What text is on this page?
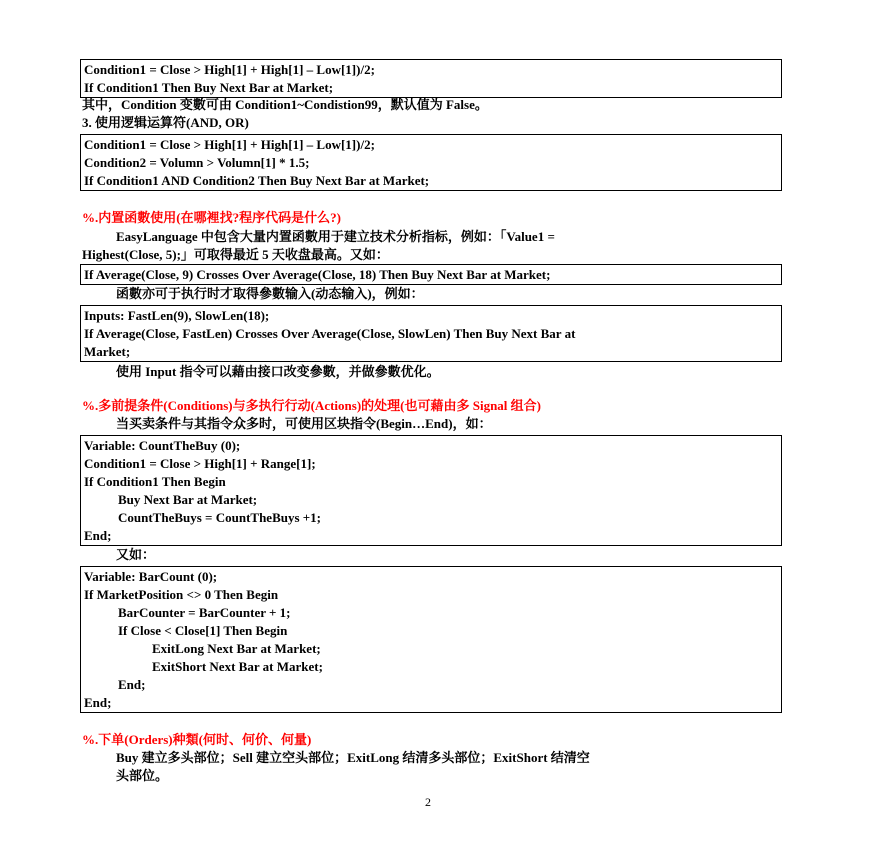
Condition1 = Close > High[1] + High[1] – Low[1])/2;
If Condition1 Then Buy Next Bar at Market;
其中，Condition 变數可由 Condition1~Condistion99，默认值为 False。
3. 使用逻辑运算符(AND, OR)
Condition1 = Close > High[1] + High[1] – Low[1])/2;
Condition2 = Volumn > Volumn[1] * 1.5;
If Condition1 AND Condition2 Then Buy Next Bar at Market;
%.内置函數使用(在哪裡找?程序代码是什么?)
EasyLanguage 中包含大量内置函數用于建立技术分析指标，例如：「Value1 =
Highest(Close, 5);」可取得最近 5 天收盘最高。又如：
If Average(Close, 9) Crosses Over Average(Close, 18) Then Buy Next Bar at Market;
函數亦可于执行时才取得參數输入(动态输入)，例如：
Inputs: FastLen(9), SlowLen(18);
If Average(Close, FastLen) Crosses Over Average(Close, SlowLen) Then Buy Next Bar at
Market;
使用 Input 指令可以藉由接口改变參數，并做參數优化。
%.多前提条件(Conditions)与多执行行动(Actions)的处理(也可藉由多 Signal 组合)
当买卖条件与其指令众多时，可使用区块指令(Begin…End)，如：
Variable: CountTheBuy (0);
Condition1 = Close > High[1] + Range[1];
If Condition1 Then Begin
Buy Next Bar at Market;
CountTheBuys = CountTheBuys +1;
End;
又如：
Variable: BarCount (0);
If MarketPosition <> 0 Then Begin
BarCounter = BarCounter + 1;
If Close < Close[1] Then Begin
ExitLong Next Bar at Market;
ExitShort Next Bar at Market;
End;
End;
%.下单(Orders)种類(何时、何价、何量)
Buy 建立多头部位；Sell 建立空头部位；ExitLong 结清多头部位；ExitShort 结清空
头部位。
2
